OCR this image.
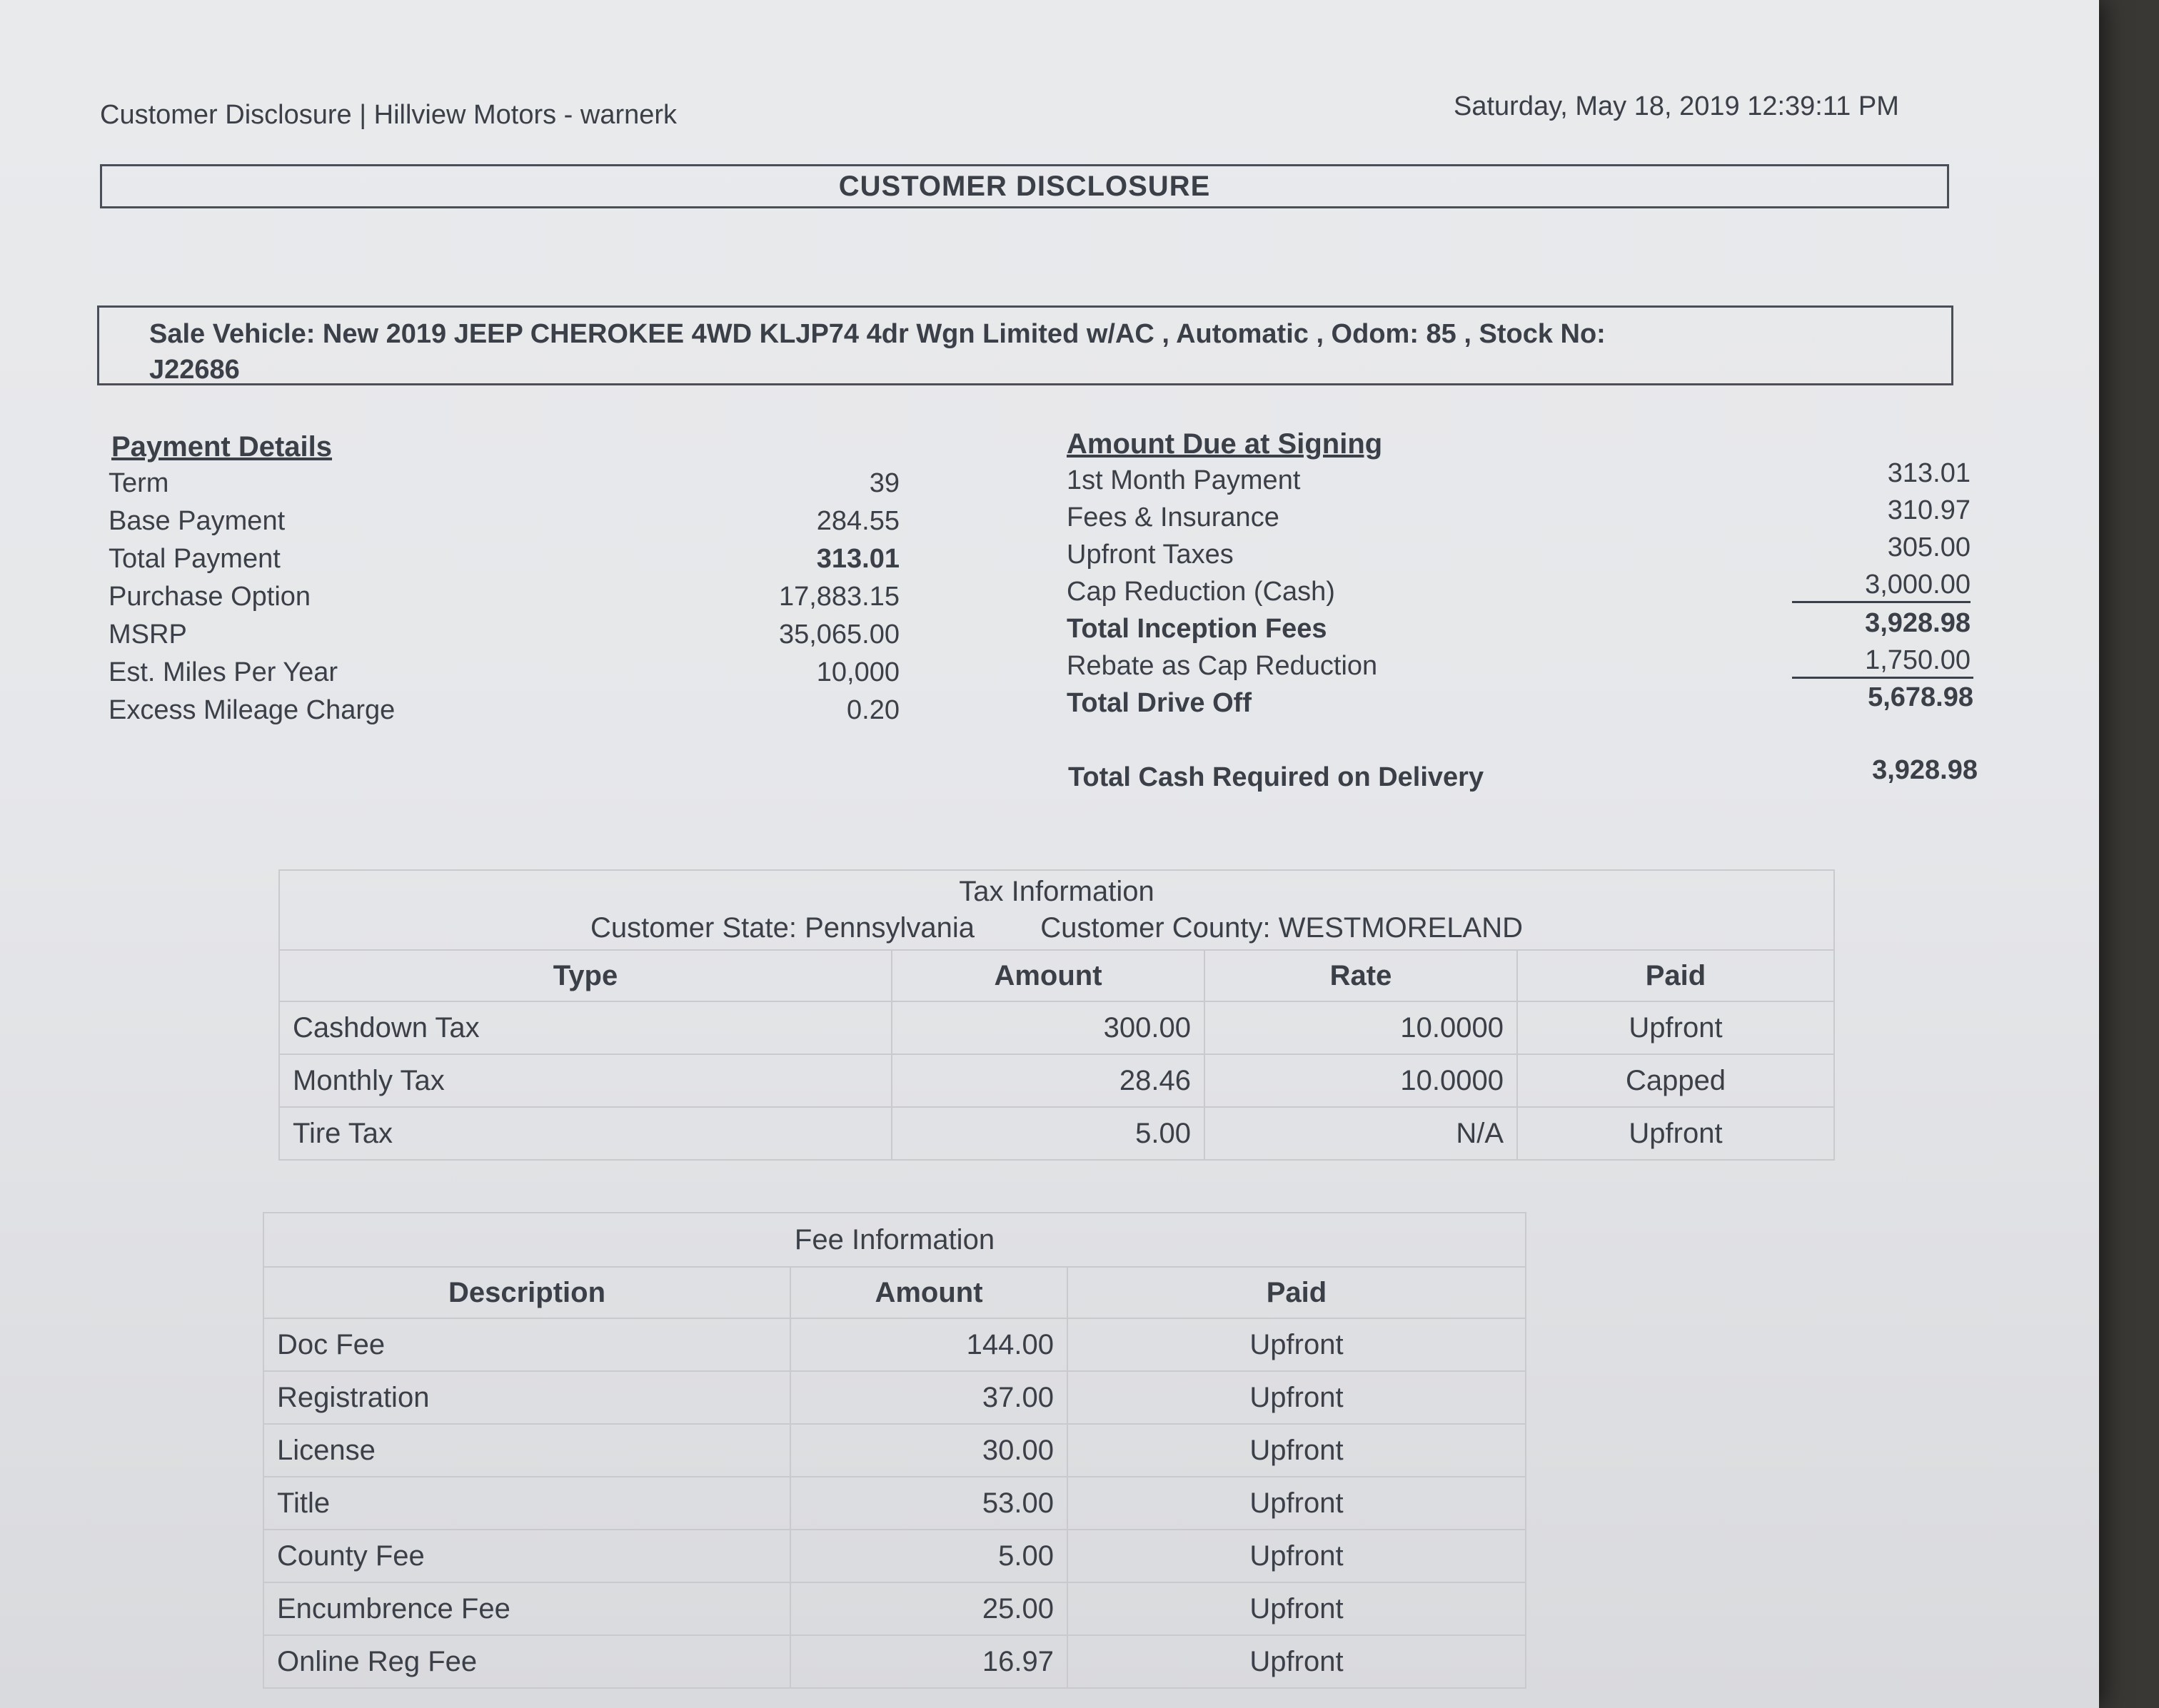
Customer Disclosure | Hillview Motors - warnerk	Saturday, May 18, 2019 12:39:11 PM
CUSTOMER DISCLOSURE
Sale Vehicle: New 2019 JEEP CHEROKEE 4WD KLJP74 4dr Wgn Limited w/AC , Automatic , Odom: 85 , Stock No:
J22686
Payment Details
Term	39
Base Payment	284.55
Total Payment	313.01
Purchase Option	17,883.15
MSRP	35,065.00
Est. Miles Per Year	10,000
Excess Mileage Charge	0.20
Amount Due at Signing
1st Month Payment	313.01
Fees & Insurance	310.97
Upfront Taxes	305.00
Cap Reduction (Cash)	3,000.00
Total Inception Fees	3,928.98
Rebate as Cap Reduction	1,750.00
Total Drive Off	5,678.98
Total Cash Required on Delivery	3,928.98
Tax Information
Customer State: Pennsylvania Customer County: WESTMORELAND			

Type	Amount	Rate	Paid
Cashdown Tax	300.00	10.0000	Upfront
Monthly Tax	28.46	10.0000	Capped
Tire Tax	5.00	N/A	Upfront
Fee Information		
Description	Amount	Paid
Doc Fee	144.00	Upfront
Registration	37.00	Upfront
License	30.00	Upfront
Title	53.00	Upfront
County Fee	5.00	Upfront
Encumbrence Fee	25.00	Upfront
Online Reg Fee	16.97	Upfront
